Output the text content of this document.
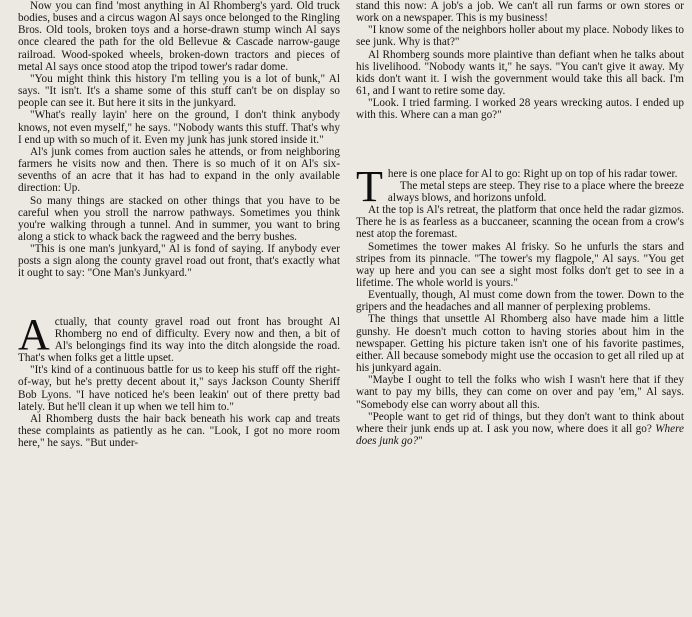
Now you can find 'most anything in Al Rhomberg's yard. Old truck bodies, buses and a circus wagon Al says once belonged to the Ringling Bros. Old tools, broken toys and a horse-drawn stump winch Al says once cleared the path for the old Bellevue & Cascade narrow-gauge railroad. Wood-spoked wheels, broken-down tractors and pieces of metal Al says once stood atop the tripod tower's radar dome.

"You might think this history I'm telling you is a lot of bunk," Al says. "It isn't. It's a shame some of this stuff can't be on display so people can see it. But here it sits in the junkyard.

"What's really layin' here on the ground, I don't think anybody knows, not even myself," he says. "Nobody wants this stuff. That's why I end up with so much of it. Even my junk has junk stored inside it."

Al's junk comes from auction sales he attends, or from neighboring farmers he visits now and then. There is so much of it on Al's six-sevenths of an acre that it has had to expand in the only available direction: Up.

So many things are stacked on other things that you have to be careful when you stroll the narrow pathways. Sometimes you think you're walking through a tunnel. And in summer, you want to bring along a stick to whack back the ragweed and the berry bushes.

"This is one man's junkyard," Al is fond of saying. If anybody ever posts a sign along the county gravel road out front, that's exactly what it ought to say: "One Man's Junkyard."

A ctually, that county gravel road out front has brought Al Rhomberg no end of difficulty. Every now and then, a bit of Al's belongings find its way into the ditch alongside the road. That's when folks get a little upset.

"It's kind of a continuous battle for us to keep his stuff off the right-of-way, but he's pretty decent about it," says Jackson County Sheriff Bob Lyons. "I have noticed he's been leakin' out of there pretty bad lately. But he'll clean it up when we tell him to."

Al Rhomberg dusts the hair back beneath his work cap and treats these complaints as patiently as he can. "Look, I got no more room here," he says. "But under-

stand this now: A job's a job. We can't all run farms or own stores or work on a newspaper. This is my business!

"I know some of the neighbors holler about my place. Nobody likes to see junk. Why is that?"

Al Rhomberg sounds more plaintive than defiant when he talks about his livelihood. "Nobody wants it," he says. "You can't give it away. My kids don't want it. I wish the government would take this all back. I'm 61, and I want to retire some day.

"Look. I tried farming. I worked 28 years wrecking autos. I ended up with this. Where can a man go?"

T here is one place for Al to go: Right up on top of his radar tower.

The metal steps are steep. They rise to a place where the breeze always blows, and horizons unfold.

At the top is Al's retreat, the platform that once held the radar gizmos. There he is as fearless as a buccaneer, scanning the ocean from a crow's nest atop the foremast.

Sometimes the tower makes Al frisky. So he unfurls the stars and stripes from its pinnacle. "The tower's my flagpole," Al says. "You get way up here and you can see a sight most folks don't get to see in a lifetime. The whole world is yours."

Eventually, though, Al must come down from the tower. Down to the gripers and the headaches and all manner of perplexing problems.

The things that unsettle Al Rhomberg also have made him a little gunshy. He doesn't much cotton to having stories about him in the newspaper. Getting his picture taken isn't one of his favorite pastimes, either. All because somebody might use the occasion to get all riled up at his junkyard again.

"Maybe I ought to tell the folks who wish I wasn't here that if they want to pay my bills, they can come on over and pay 'em," Al says. "Somebody else can worry about all this.

"People want to get rid of things, but they don't want to think about where their junk ends up at. I ask you now, where does it all go? Where does junk go?"
